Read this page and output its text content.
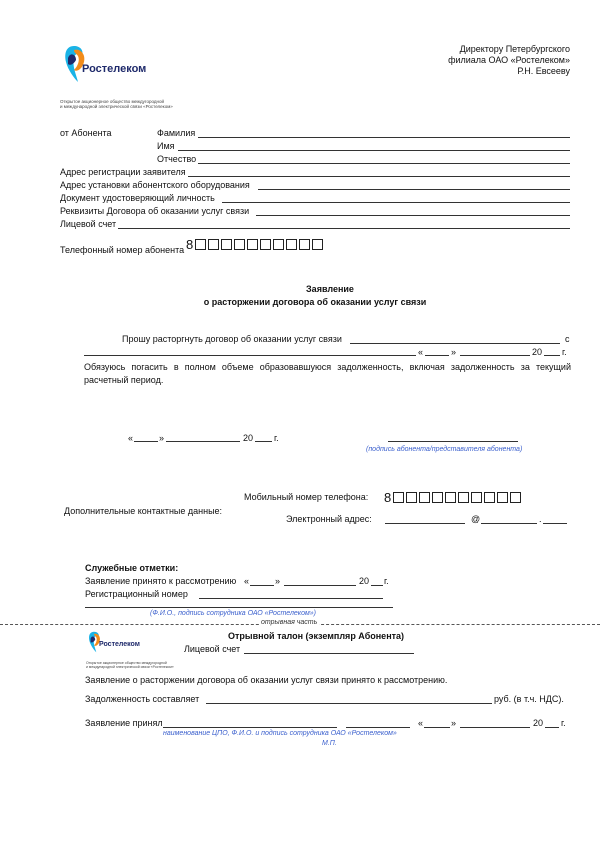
Ростелеком
Открытое акционерное общество междугородной
и международной электрической связи «Ростелеком»
Директору Петербургского
филиала ОАО «Ростелеком»
Р.Н. Евсееву
от Абонента	Фамилия
Имя
Отчество
Адрес регистрации заявителя
Адрес установки абонентского оборудования
Документ удостоверяющий личность
Реквизиты Договора об оказании услуг связи
Лицевой счет
Телефонный номер абонента 8
Заявление
о расторжении договора об оказании услуг связи
Прошу расторгнуть договор об оказании услуг связи	с
«	»	20 г.
Обязуюсь погасить в полном объеме образовавшуюся задолженность, включая задолженность за текущий расчетный период.
«	»	20 г.
(подпись абонента/представителя абонента)
Дополнительные контактные данные:
Мобильный номер телефона: 8
Электронный адрес:	@	.
Служебные отметки:
Заявление принято к рассмотрению «	»	20 г.
Регистрационный номер
(Ф.И.О., подпись сотрудника ОАО «Ростелеком»)
отрывная часть
Ростелеком
Открытое акционерное общество междугородной
и международной электрической связи «Ростелеком»
Отрывной талон (экземпляр Абонента)
Лицевой счет
Заявление о расторжении договора об оказании услуг связи принято к рассмотрению.
Задолженность составляет	руб. (в т.ч. НДС).
Заявление принял	«	»	20 г.
наименование ЦПО, Ф.И.О. и подпись сотрудника ОАО «Ростелеком»
М.П.
